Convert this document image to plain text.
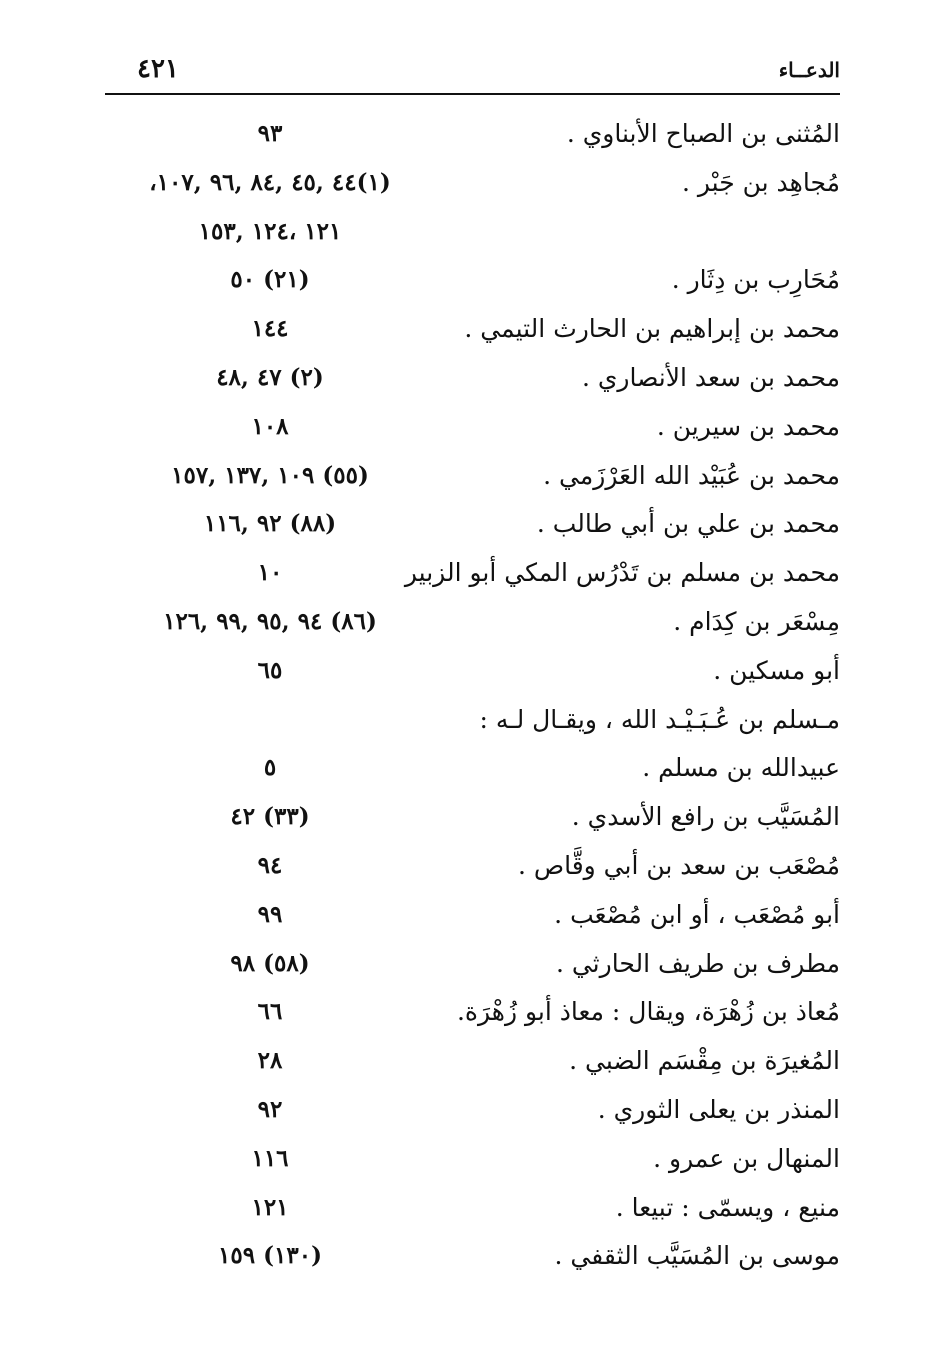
الدعــاء
٤٢١
المُثنى بن الصباح الأبناوي .
٩٣
مُجاهِد بن جَبْر .
(١)٤٤ ,٤٥ ,٨٤ ,٩٦ ,١٠٧،
١٢١ ،١٢٤ ,١٥٣
مُحَارِب بن دِثَار .
(٢١) ٥٠
محمد بن إبراهيم بن الحارث التيمي .
١٤٤
محمد بن سعد الأنصاري .
(٢) ٤٧ ,٤٨
محمد بن سيرين .
١٠٨
محمد بن عُبَيْد الله العَرْزَمي .
(٥٥) ١٠٩ ,١٣٧ ,١٥٧
محمد بن علي بن أبي طالب .
(٨٨) ٩٢ ,١١٦
محمد بن مسلم بن تَدْرُس المكي أبو الزبير
١٠
مِسْعَر بن كِدَام .
(٨٦) ٩٤ ,٩٥ ,٩٩ ,١٢٦
أبو مسكين .
٦٥
مـسلم بن عُـبَـيْـد الله ، ويقـال لـه :
عبيدالله بن مسلم .
٥
المُسَيَّب بن رافع الأسدي .
(٣٣) ٤٢
مُصْعَب بن سعد بن أبي وقَّاص .
٩٤
أبو مُصْعَب ، أو ابن مُصْعَب .
٩٩
مطرف بن طريف الحارثي .
(٥٨) ٩٨
مُعاذ بن زُهْرَة، ويقال : معاذ أبو زُهْرَة.
٦٦
المُغيرَة بن مِقْسَم الضبي .
٢٨
المنذر بن يعلى الثوري .
٩٢
المنهال بن عمرو .
١١٦
منيع ، ويسمّى : تبيعا .
١٢١
موسى بن المُسَيَّب الثقفي .
(١٣٠) ١٥٩
